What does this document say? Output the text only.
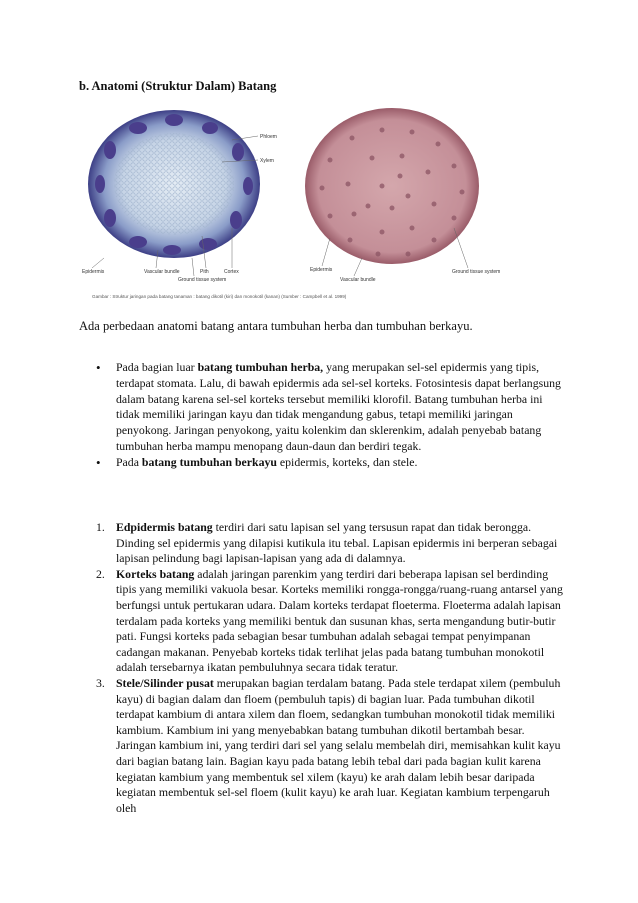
b. Anatomi (Struktur Dalam) Batang
Phloem
Xylem
Epidermis	Vascular bundle	Pith	Cortex
Ground tissue system
Epidermis
Vascular bundle
Ground tissue system
Gambar : Struktur jaringan pada batang tanaman : batang dikotil (kiri) dan monokotil (kanan) (Sumber : Campbell et al. 1999)
Ada perbedaan anatomi batang antara tumbuhan herba dan tumbuhan berkayu.
• Pada bagian luar batang tumbuhan herba, yang merupakan sel-sel epidermis yang tipis, terdapat stomata. Lalu, di bawah epidermis ada sel-sel korteks. Fotosintesis dapat berlangsung dalam batang karena sel-sel korteks tersebut memiliki klorofil. Batang tumbuhan herba ini tidak memiliki jaringan kayu dan tidak mengandung gabus, tetapi memiliki jaringan penyokong. Jaringan penyokong, yaitu kolenkim dan sklerenkim, adalah penyebab batang tumbuhan herba mampu menopang daun-daun dan berdiri tegak.
• Pada batang tumbuhan berkayu epidermis, korteks, dan stele.
1. Edpidermis batang terdiri dari satu lapisan sel yang tersusun rapat dan tidak berongga. Dinding sel epidermis yang dilapisi kutikula itu tebal. Lapisan epidermis ini berperan sebagai lapisan pelindung bagi lapisan-lapisan yang ada di dalamnya.
2. Korteks batang adalah jaringan parenkim yang terdiri dari beberapa lapisan sel berdinding tipis yang memiliki vakuola besar. Korteks memiliki rongga-rongga/ruang-ruang antarsel yang berfungsi untuk pertukaran udara. Dalam korteks terdapat floeterma. Floeterma adalah lapisan terdalam pada korteks yang memiliki bentuk dan susunan khas, serta mengandung butir-butir pati. Fungsi korteks pada sebagian besar tumbuhan adalah sebagai tempat penyimpanan cadangan makanan. Penyebab korteks tidak terlihat jelas pada batang tumbuhan monokotil adalah tersebarnya ikatan pembuluhnya secara tidak teratur.
3. Stele/Silinder pusat merupakan bagian terdalam batang. Pada stele terdapat xilem (pembuluh kayu) di bagian dalam dan floem (pembuluh tapis) di bagian luar. Pada tumbuhan dikotil terdapat kambium di antara xilem dan floem, sedangkan tumbuhan monokotil tidak memiliki kambium. Kambium ini yang menyebabkan batang tumbuhan dikotil bertambah besar. Jaringan kambium ini, yang terdiri dari sel yang selalu membelah diri, memisahkan kulit kayu dari bagian batang lain. Bagian kayu pada batang lebih tebal dari pada bagian kulit karena kegiatan kambium yang membentuk sel xilem (kayu) ke arah dalam lebih besar daripada kegiatan membentuk sel-sel floem (kulit kayu) ke arah luar. Kegiatan kambium terpengaruh oleh
